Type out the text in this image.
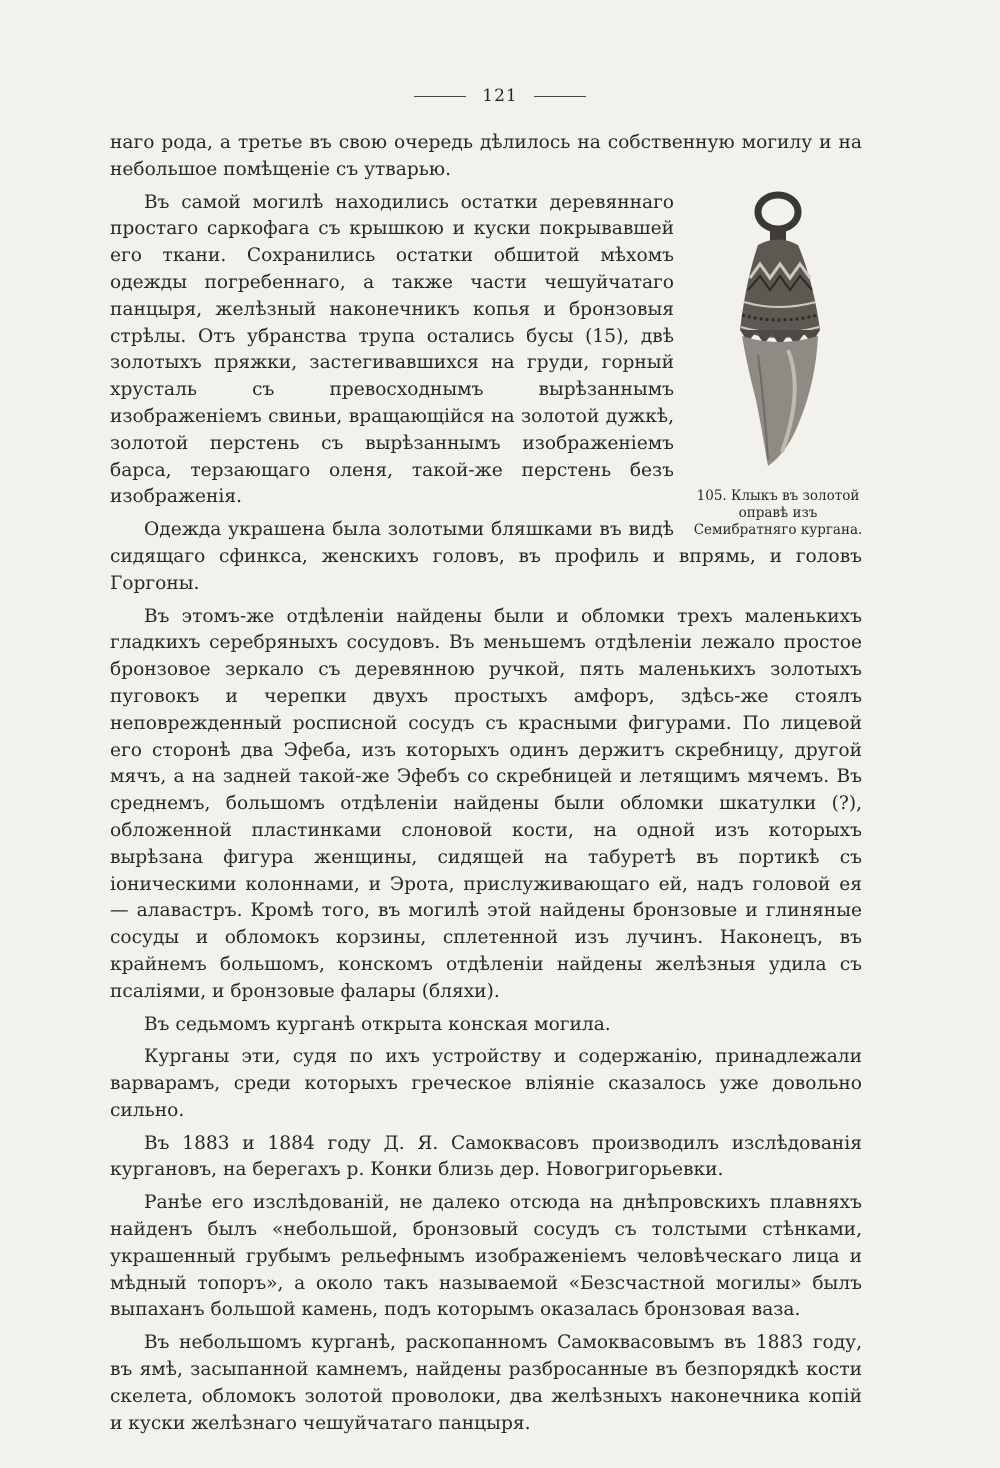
121

наго рода, а третье въ свою очередь дѣлилось на собственную могилу и на небольшое помѣщеніе съ утварью.

105. Клыкъ въ золотой оправѣ изъ Семибратняго кургана.

Въ самой могилѣ находились остатки деревяннаго простаго саркофага съ крышкою и куски покрывавшей его ткани. Сохранились остатки обшитой мѣхомъ одежды погребеннаго, а также части чешуйчатаго панцыря, желѣзный наконечникъ копья и бронзовыя стрѣлы. Отъ убранства трупа остались бусы (15), двѣ золотыхъ пряжки, застегивавшихся на груди, горный хрусталь съ превосходнымъ вырѣзаннымъ изображеніемъ свиньи, вращающійся на золотой дужкѣ, золотой перстень съ вырѣзаннымъ изображеніемъ барса, терзающаго оленя, такой-же перстень безъ изображенія.

Одежда украшена была золотыми бляшками въ видѣ сидящаго сфинкса, женскихъ головъ, въ профиль и впрямь, и головъ Горгоны.

Въ этомъ-же отдѣленіи найдены были и обломки трехъ маленькихъ гладкихъ серебряныхъ сосудовъ. Въ меньшемъ отдѣленіи лежало простое бронзовое зеркало съ деревянною ручкой, пять маленькихъ золотыхъ пуговокъ и черепки двухъ простыхъ амфоръ, здѣсь-же стоялъ неповрежденный росписной сосудъ съ красными фигурами. По лицевой его сторонѣ два Эфеба, изъ которыхъ одинъ держитъ скребницу, другой мячъ, а на задней такой-же Эфебъ со скребницей и летящимъ мячемъ. Въ среднемъ, большомъ отдѣленіи найдены были обломки шкатулки (?), обложенной пластинками слоновой кости, на одной изъ которыхъ вырѣзана фигура женщины, сидящей на табуретѣ въ портикѣ съ іоническими колоннами, и Эрота, прислуживающаго ей, надъ головой ея — алавастръ. Кромѣ того, въ могилѣ этой найдены бронзовые и глиняные сосуды и обломокъ корзины, сплетенной изъ лучинъ. Наконецъ, въ крайнемъ большомъ, конскомъ отдѣленіи найдены желѣзныя удила съ псаліями, и бронзовые фалары (бляхи).

Въ седьмомъ курганѣ открыта конская могила.

Курганы эти, судя по ихъ устройству и содержанію, принадлежали варварамъ, среди которыхъ греческое вліяніе сказалось уже довольно сильно.

Въ 1883 и 1884 году Д. Я. Самоквасовъ производилъ изслѣдованія кургановъ, на берегахъ р. Конки близь дер. Новогригорьевки.

Ранѣе его изслѣдованій, не далеко отсюда на днѣпровскихъ плавняхъ найденъ былъ «небольшой, бронзовый сосудъ съ толстыми стѣнками, украшенный грубымъ рельефнымъ изображеніемъ человѣческаго лица и мѣдный топоръ», а около такъ называемой «Безсчастной могилы» былъ выпаханъ большой камень, подъ которымъ оказалась бронзовая ваза.

Въ небольшомъ курганѣ, раскопанномъ Самоквасовымъ въ 1883 году, въ ямѣ, засыпанной камнемъ, найдены разбросанные въ безпорядкѣ кости скелета, обломокъ золотой проволоки, два желѣзныхъ наконечника копій и куски желѣзнаго чешуйчатаго панцыря.
